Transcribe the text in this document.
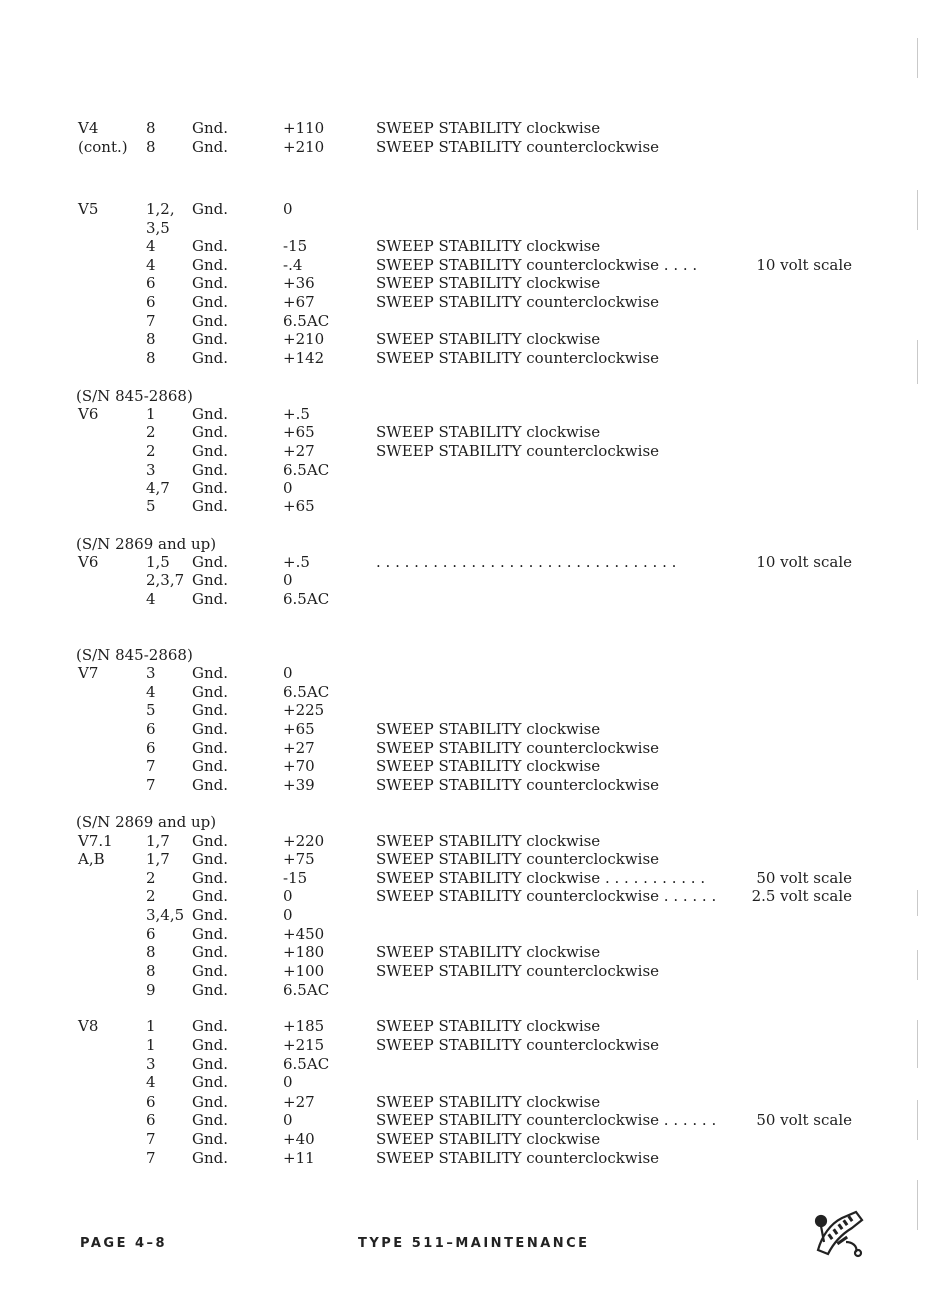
V4	8 Gnd.	+110	SWEEP STABILITY clockwise
(cont.) 8 Gnd.	+210	SWEEP STABILITY counterclockwise
V5	1,2, Gnd.	0
3,5
4 Gnd.	-15	SWEEP STABILITY clockwise
4 Gnd.	-.4	SWEEP STABILITY counterclockwise . . . .	10 volt scale
6 Gnd.	+36	SWEEP STABILITY clockwise
6 Gnd.	+67	SWEEP STABILITY counterclockwise
7 Gnd.	6.5AC
8 Gnd.	+210	SWEEP STABILITY clockwise
8 Gnd.	+142	SWEEP STABILITY counterclockwise
(S/N 845-2868)
V6	1 Gnd.	+.5
2 Gnd.	+65	SWEEP STABILITY clockwise
2 Gnd.	+27	SWEEP STABILITY counterclockwise
3 Gnd.	6.5AC
4,7 Gnd.	0
5 Gnd.	+65
(S/N 2869 and up)
V6	1,5 Gnd.	+.5	. . . . . . . . . . . . . . . . . . . . . . . . . . . . . . . .	10 volt scale
2,3,7 Gnd.	0
4 Gnd.	6.5AC
(S/N 845-2868)
V7	3 Gnd.	0
4 Gnd.	6.5AC
5 Gnd.	+225
6 Gnd.	+65	SWEEP STABILITY clockwise
6 Gnd.	+27	SWEEP STABILITY counterclockwise
7 Gnd.	+70	SWEEP STABILITY clockwise
7 Gnd.	+39	SWEEP STABILITY counterclockwise
(S/N 2869 and up)
V7.1 1,7 Gnd.	+220	SWEEP STABILITY clockwise
A,B	1,7 Gnd.	+75	SWEEP STABILITY counterclockwise
2 Gnd.	-15	SWEEP STABILITY clockwise . . . . . . . . . . .	50 volt scale
2 Gnd.	0	SWEEP STABILITY counterclockwise . . . . . . 2.5 volt scale
3,4,5 Gnd.	0
6 Gnd.	+450
8 Gnd.	+180	SWEEP STABILITY clockwise
8 Gnd.	+100	SWEEP STABILITY counterclockwise
9 Gnd.	6.5AC
V8	1 Gnd.	+185	SWEEP STABILITY clockwise
1 Gnd.	+215	SWEEP STABILITY counterclockwise
3 Gnd.	6.5AC
4 Gnd.	0
6 Gnd.	+27	SWEEP STABILITY clockwise
6 Gnd.	0	SWEEP STABILITY counterclockwise . . . . . .	50 volt scale
7 Gnd.	+40	SWEEP STABILITY clockwise
7 Gnd.	+11	SWEEP STABILITY counterclockwise
PAGE 4–8	TYPE 511–MAINTENANCE
